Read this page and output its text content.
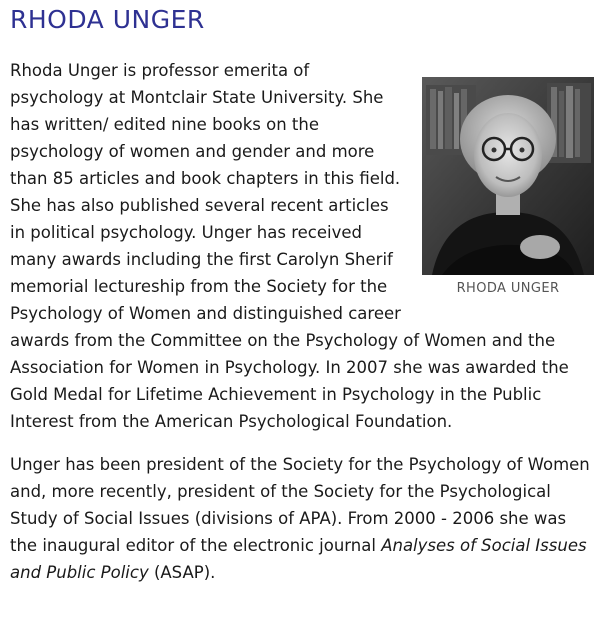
RHODA UNGER
RHODA UNGER

Rhoda Unger is professor emerita of psychology at Montclair State University. She has written/ edited nine books on the psychology of women and gender and more than 85 articles and book chapters in this field. She has also published several recent articles in political psychology. Unger has received many awards including the first Carolyn Sherif memorial lectureship from the Society for the Psychology of Women and distinguished career awards from the Committee on the Psychology of Women and the Association for Women in Psychology. In 2007 she was awarded the Gold Medal for Lifetime Achievement in Psychology in the Public Interest from the American Psychological Foundation.

Unger has been president of the Society for the Psychology of Women and, more recently, president of the Society for the Psychological Study of Social Issues (divisions of APA). From 2000 - 2006 she was the inaugural editor of the electronic journal Analyses of Social Issues and Public Policy (ASAP).
